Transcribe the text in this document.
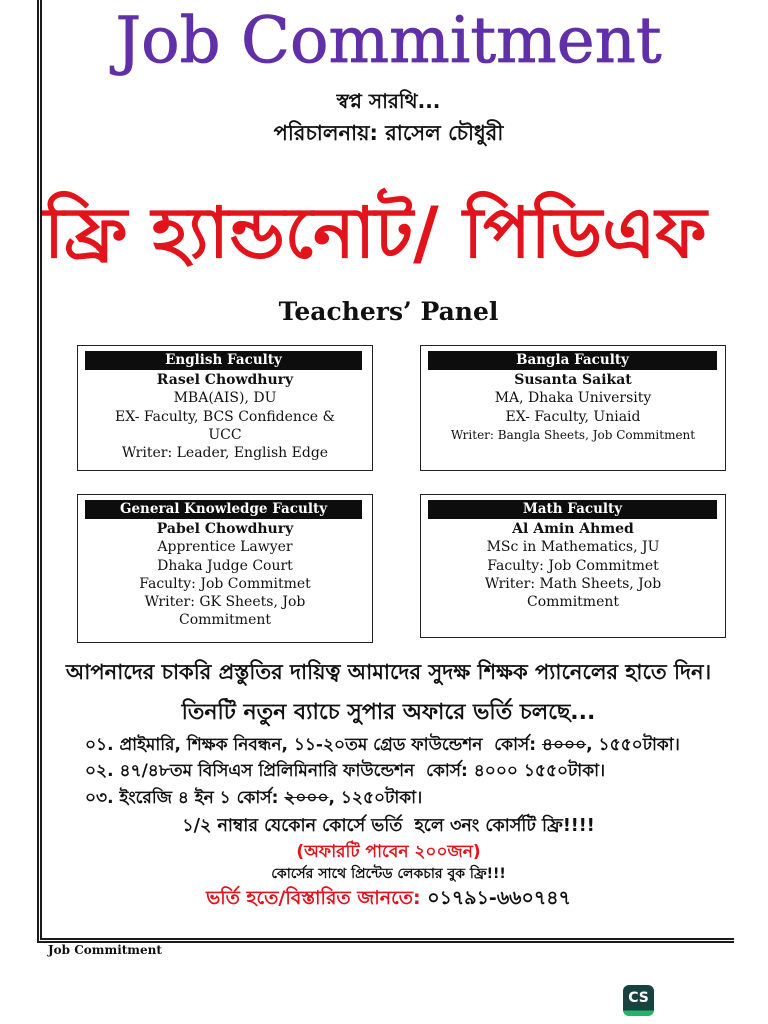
Job Commitment
স্বপ্ন সারথি...
পরিচালনায়: রাসেল চৌধুরী
ফ্রি হ্যান্ডনোট/ পিডিএফ
Teachers’ Panel
English Faculty
Rasel Chowdhury
MBA(AIS), DU
EX- Faculty, BCS Confidence &
UCC
Writer: Leader, English Edge
Bangla Faculty
Susanta Saikat
MA, Dhaka University
EX- Faculty, Uniaid
Writer: Bangla Sheets, Job Commitment
General Knowledge Faculty
Pabel Chowdhury
Apprentice Lawyer
Dhaka Judge Court
Faculty: Job Commitmet
Writer: GK Sheets, Job
Commitment
Math Faculty
Al Amin Ahmed
MSc in Mathematics, JU
Faculty: Job Commitmet
Writer: Math Sheets, Job
Commitment
আপনাদের চাকরি প্রস্তুতির দায়িত্ব আমাদের সুদক্ষ শিক্ষক প্যানেলের হাতে দিন।
তিনটি নতুন ব্যাচে সুপার অফারে ভর্তি চলছে...
০১. প্রাইমারি, শিক্ষক নিবন্ধন, ১১-২০তম গ্রেড ফাউন্ডেশন  কোর্স: ৪০০০, ১৫৫০টাকা।
০২. ৪৭/৪৮তম বিসিএস প্রিলিমিনারি ফাউন্ডেশন  কোর্স: ৪০০০ ১৫৫০টাকা।
০৩. ইংরেজি ৪ ইন ১ কোর্স: ২০০০, ১২৫০টাকা।
১/২ নাম্বার যেকোন কোর্সে ভর্তি  হলে ৩নং কোর্সটি ফ্রি!!!!
(অফারটি পাবেন ২০০জন)
কোর্সের সাথে প্রিন্টেড লেকচার বুক ফ্রি!!!
ভর্তি হতে/বিস্তারিত জানতে: ০১৭৯১-৬৬০৭৪৭
Job Commitment
CS
